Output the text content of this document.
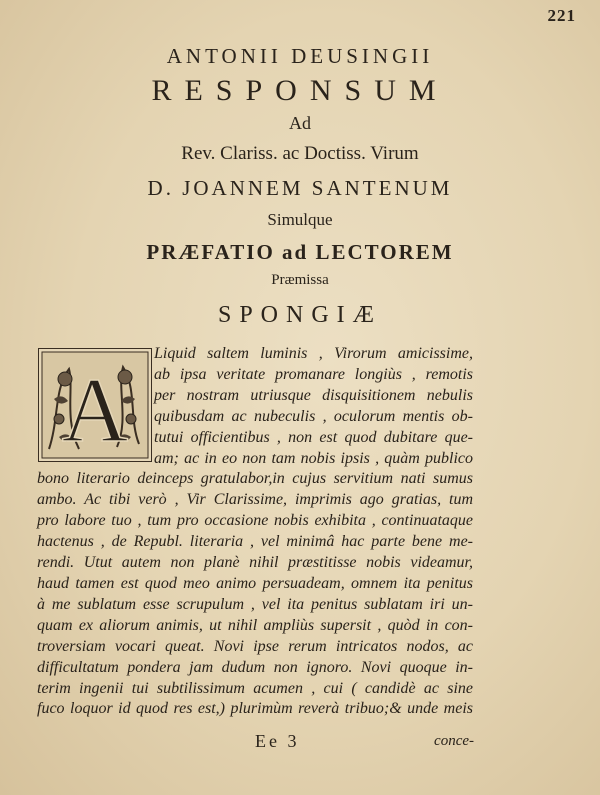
221
ANTONII DEUSINGII
RESPONSUM
Ad
Rev. Clariss. ac Doctiss. Virum
D. JOANNEM SANTENUM
Simulque
PRÆFATIO ad LECTOREM
Præmissa
SPONGIÆ
A
Liquid saltem luminis , Virorum amicissime,
ab ipsa veritate promanare longiùs , remotis
per nostram utriusque disquisitionem nebulis
quibusdam ac nubeculis , oculorum mentis ob-
tutui officientibus , non est quod dubitare que-
am; ac in eo non tam nobis ipsis , quàm publico
bono literario deinceps gratulabor,in cujus servitium nati sumus
ambo. Ac tibi verò , Vir Clarissime, imprimis ago gratias, tum
pro labore tuo , tum pro occasione nobis exhibita , continuataque
hactenus , de Republ. literaria , vel minimâ hac parte bene me-
rendi. Utut autem non planè nihil præstitisse nobis videamur,
haud tamen est quod meo animo persuadeam, omnem ita penitus
à me sublatum esse scrupulum , vel ita penitus sublatam iri un-
quam ex aliorum animis, ut nihil ampliùs supersit , quòd in con-
troversiam vocari queat. Novi ipse rerum intricatos nodos, ac
difficultatum pondera jam dudum non ignoro. Novi quoque in-
terim ingenii tui subtilissimum acumen , cui ( candidè ac sine
fuco loquor id quod res est,) plurimùm reverà tribuo;& unde meis
Ee 3	conce-
